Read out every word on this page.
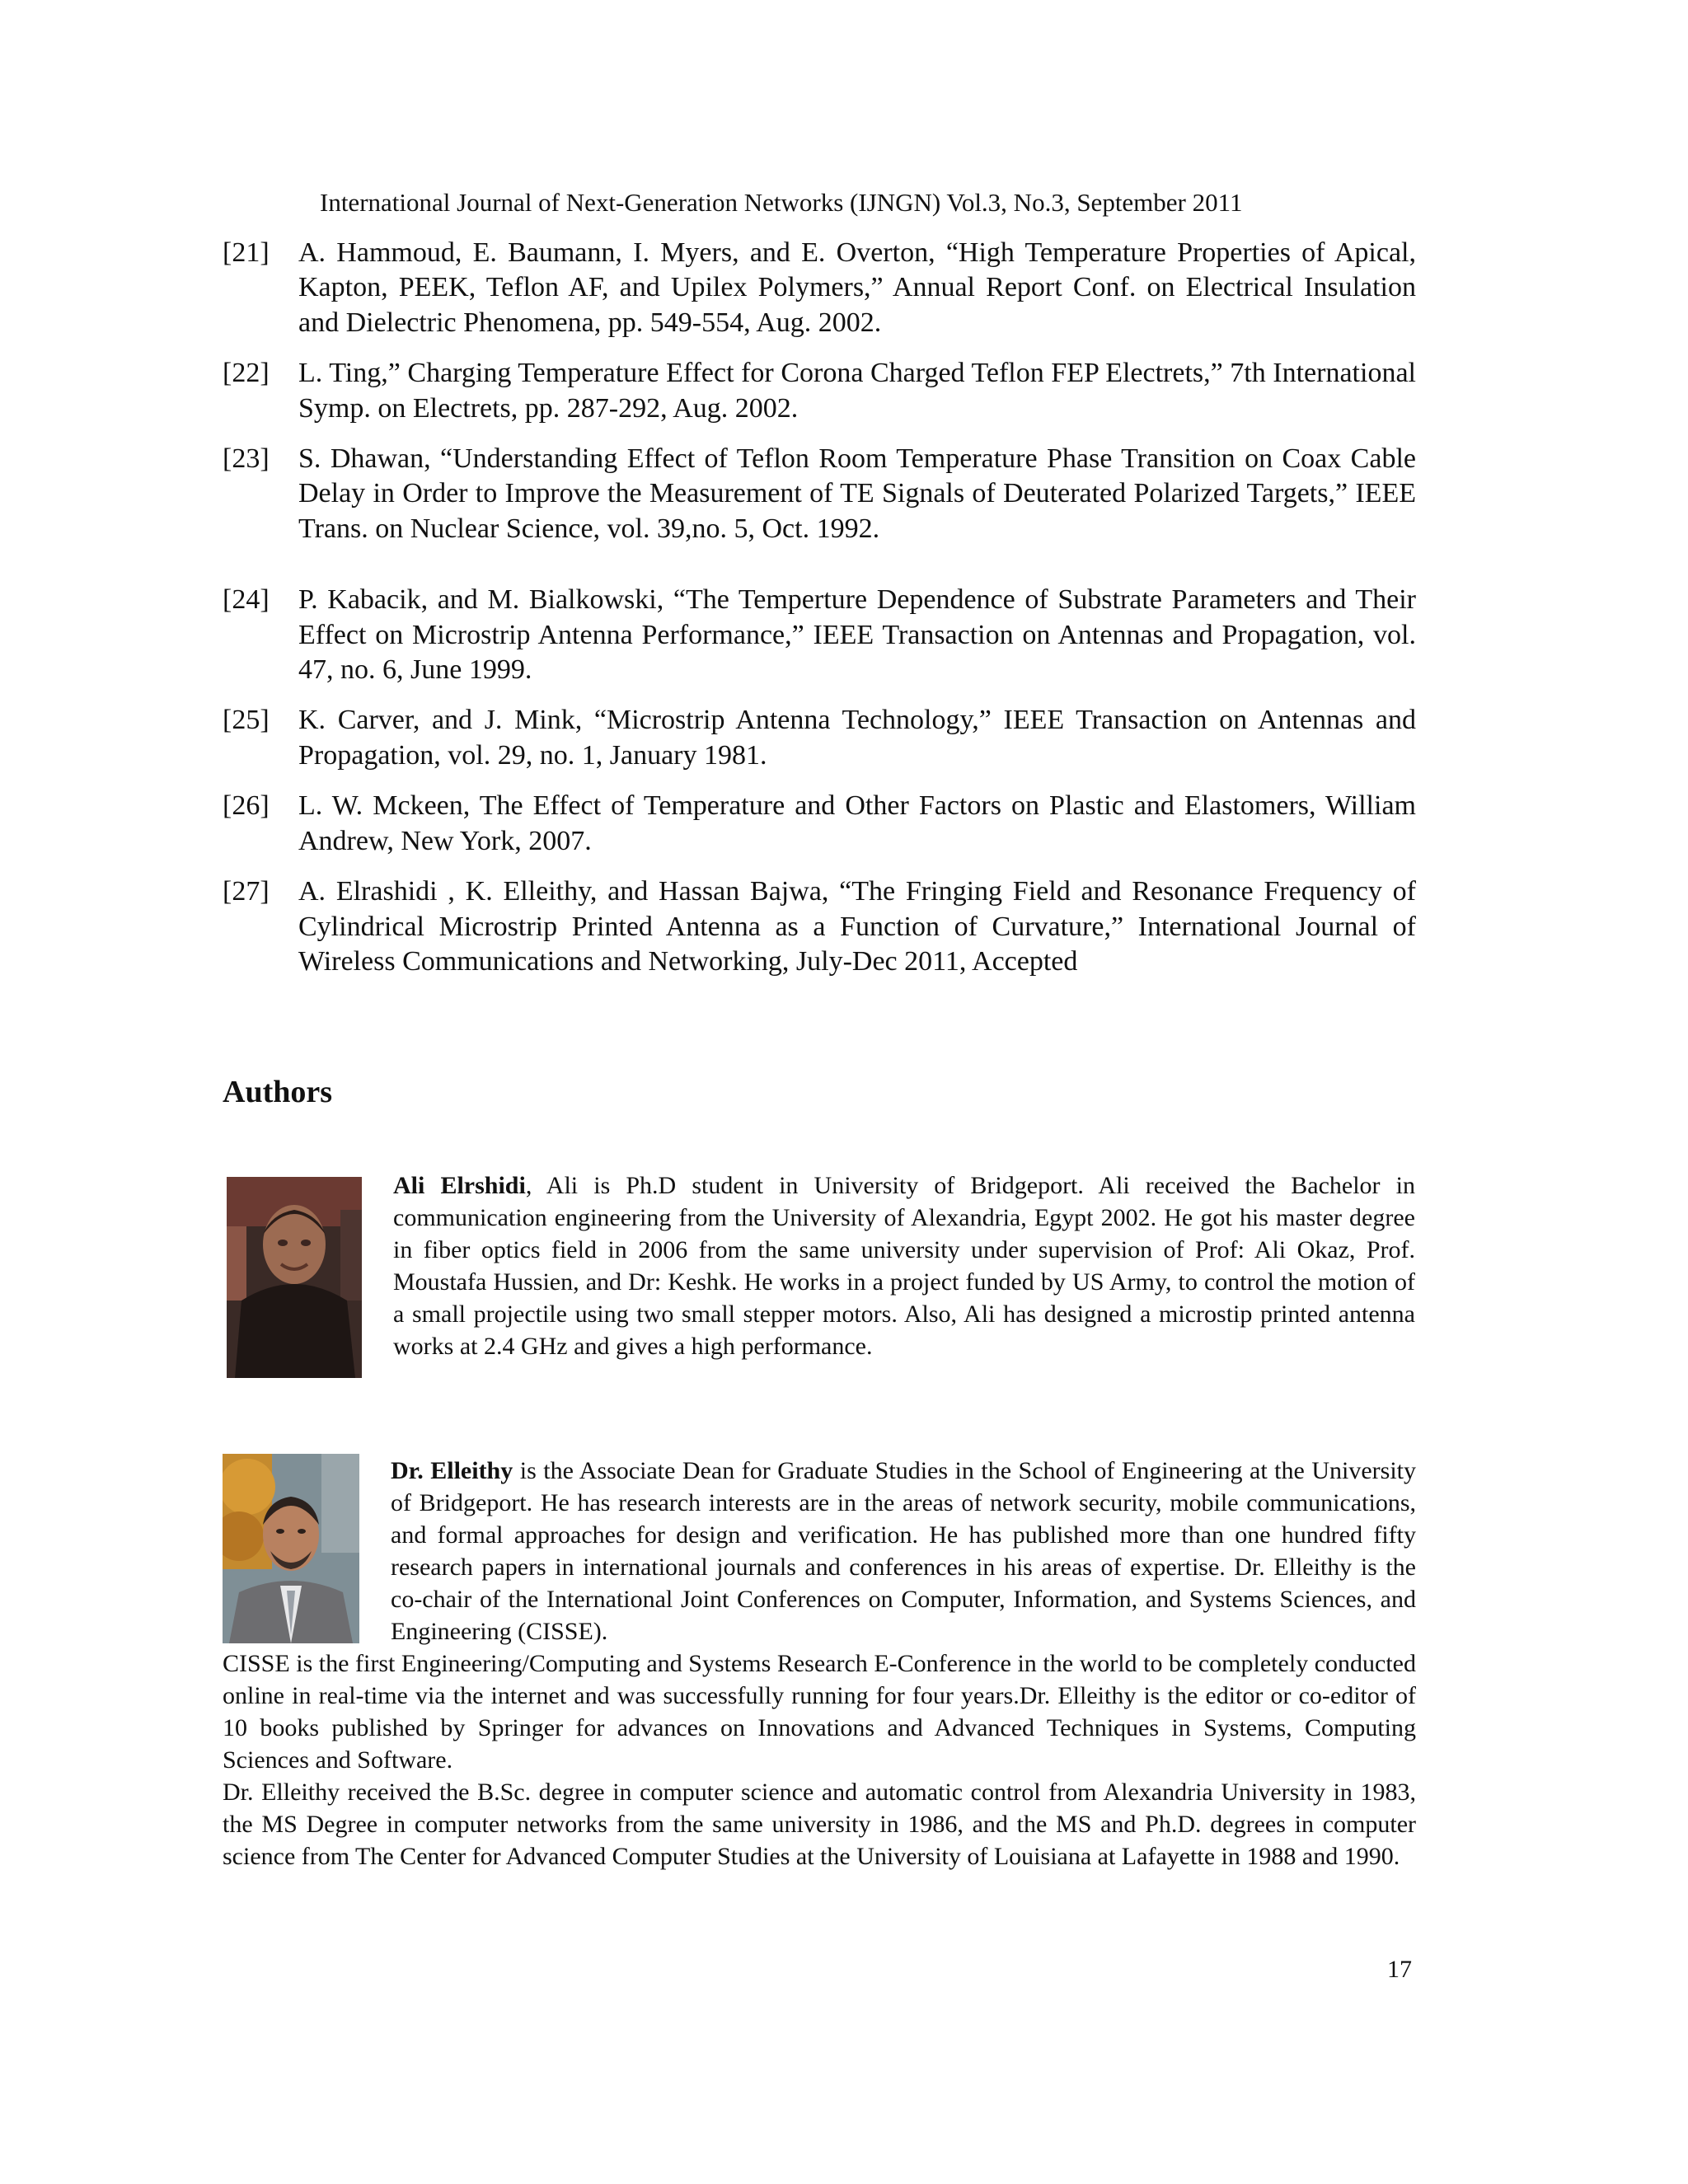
International Journal of Next-Generation Networks (IJNGN) Vol.3, No.3, September 2011
[21]	A. Hammoud, E. Baumann, I. Myers, and E. Overton, “High Temperature Properties of Apical, Kapton, PEEK, Teflon AF, and Upilex Polymers,” Annual Report Conf. on Electrical Insulation and Dielectric Phenomena, pp. 549-554, Aug. 2002.
[22]	L. Ting,” Charging Temperature Effect for Corona Charged Teflon FEP Electrets,” 7th International Symp. on Electrets, pp. 287-292, Aug. 2002.
[23]	S. Dhawan, “Understanding Effect of Teflon Room Temperature Phase Transition on Coax Cable Delay in Order to Improve the Measurement of TE Signals of Deuterated Polarized Targets,” IEEE Trans. on Nuclear Science, vol. 39,no. 5, Oct. 1992.
[24]	P. Kabacik, and M. Bialkowski, “The Temperture Dependence of Substrate Parameters and Their Effect on Microstrip Antenna Performance,” IEEE Transaction on Antennas and Propagation, vol. 47, no. 6, June 1999.
[25]	K. Carver, and J. Mink, “Microstrip Antenna Technology,” IEEE Transaction on Antennas and Propagation, vol. 29, no. 1, January 1981.
[26]	L. W. Mckeen, The Effect of Temperature and Other Factors on Plastic and Elastomers, William Andrew, New York, 2007.
[27]	A. Elrashidi , K. Elleithy, and Hassan Bajwa, “The Fringing Field and Resonance Frequency of Cylindrical Microstrip Printed Antenna as a Function of Curvature,” International Journal of Wireless Communications and Networking, July-Dec 2011, Accepted
Authors
Ali Elrshidi, Ali is Ph.D student in University of Bridgeport. Ali received the Bachelor in communication engineering from the University of Alexandria, Egypt 2002. He got his master degree in fiber optics field in 2006 from the same university under supervision of Prof: Ali Okaz, Prof. Moustafa Hussien, and Dr: Keshk. He works in a project funded by US Army, to control the motion of a small projectile using two small stepper motors. Also, Ali has designed a microstip printed antenna works at 2.4 GHz and gives a high performance.
Dr. Elleithy is the Associate Dean for Graduate Studies in the School of Engineering at the University of Bridgeport. He has research interests are in the areas of network security, mobile communications, and formal approaches for design and verification. He has published more than one hundred fifty research papers in international journals and conferences in his areas of expertise. Dr. Elleithy is the co-chair of the International Joint Conferences on Computer, Information, and Systems Sciences, and Engineering (CISSE).
CISSE is the first Engineering/Computing and Systems Research E-Conference in the world to be completely conducted online in real-time via the internet and was successfully running for four years.Dr. Elleithy is the editor or co-editor of 10 books published by Springer for advances on Innovations and Advanced Techniques in Systems, Computing Sciences and Software.
Dr. Elleithy received the B.Sc. degree in computer science and automatic control from Alexandria University in 1983, the MS Degree in computer networks from the same university in 1986, and the MS and Ph.D. degrees in computer science from The Center for Advanced Computer Studies at the University of Louisiana at Lafayette in 1988 and 1990.
17
